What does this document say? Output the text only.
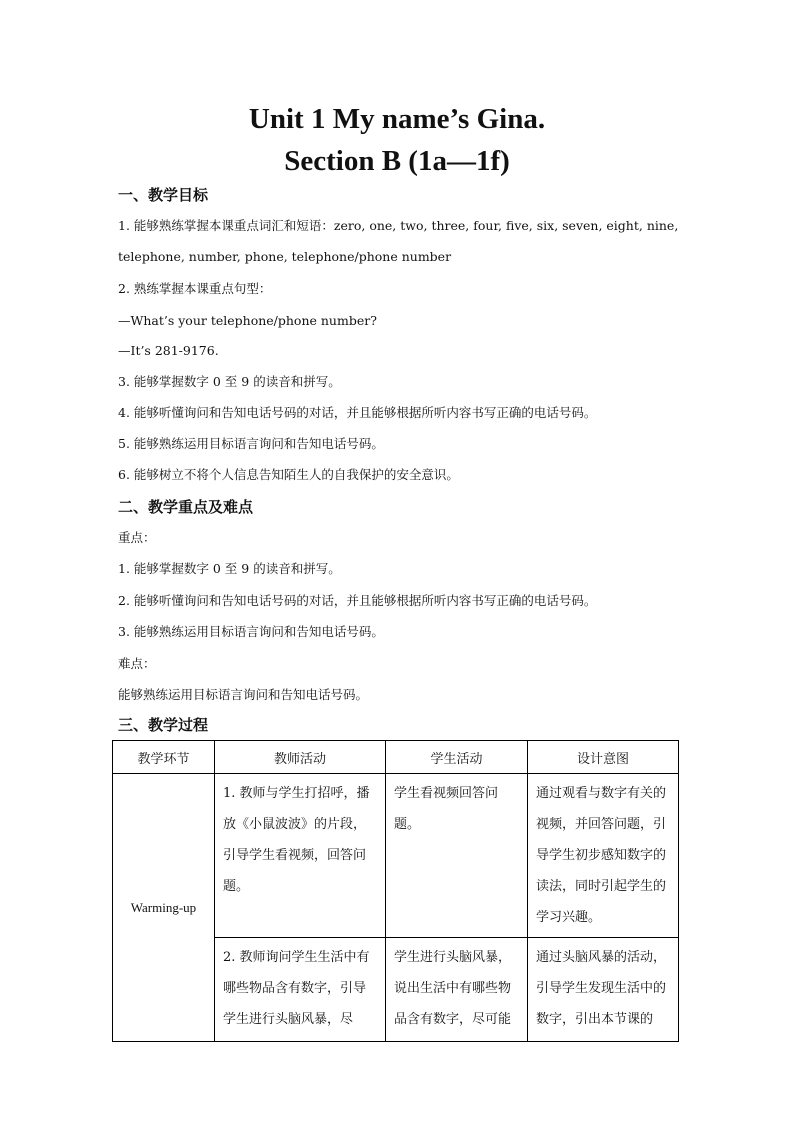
Unit 1 My name’s Gina.
Section B (1a—1f)
一、教学目标
1. 能够熟练掌握本课重点词汇和短语：zero, one, two, three, four, five, six, seven, eight, nine,
telephone, number, phone, telephone/phone number
2. 熟练掌握本课重点句型：
—What’s your telephone/phone number?
—It’s 281-9176.
3. 能够掌握数字 0 至 9 的读音和拼写。
4. 能够听懂询问和告知电话号码的对话，并且能够根据所听内容书写正确的电话号码。
5. 能够熟练运用目标语言询问和告知电话号码。
6. 能够树立不将个人信息告知陌生人的自我保护的安全意识。
二、教学重点及难点
重点：
1. 能够掌握数字 0 至 9 的读音和拼写。
2. 能够听懂询问和告知电话号码的对话，并且能够根据所听内容书写正确的电话号码。
3. 能够熟练运用目标语言询问和告知电话号码。
难点：
能够熟练运用目标语言询问和告知电话号码。
三、教学过程
教学环节	教师活动	学生活动	设计意图
Warming-up	1. 教师与学生打招呼，播放《小鼠波波》的片段，引导学生看视频，回答问题。	学生看视频回答问题。	通过观看与数字有关的视频，并回答问题，引导学生初步感知数字的读法，同时引起学生的学习兴趣。

	2. 教师询问学生生活中有哪些物品含有数字，引导学生进行头脑风暴，尽	学生进行头脑风暴，说出生活中有哪些物品含有数字，尽可能	通过头脑风暴的活动，引导学生发现生活中的数字，引出本节课的
